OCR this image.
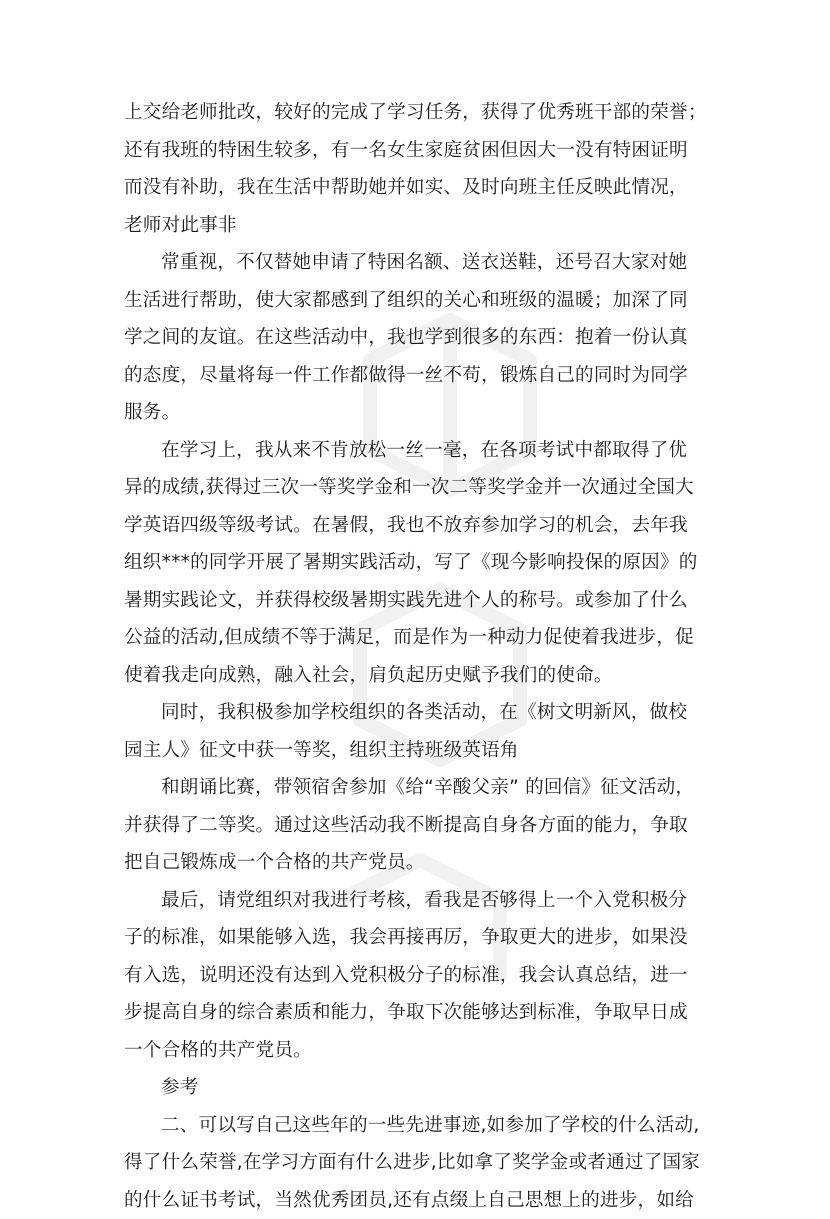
上交给老师批改，较好的完成了学习任务，获得了优秀班干部的荣誉；
还有我班的特困生较多，有一名女生家庭贫困但因大一没有特困证明
而没有补助，我在生活中帮助她并如实、及时向班主任反映此情况，
老师对此事非
常重视，不仅替她申请了特困名额、送衣送鞋，还号召大家对她
生活进行帮助，使大家都感到了组织的关心和班级的温暖；加深了同
学之间的友谊。在这些活动中，我也学到很多的东西：抱着一份认真
的态度，尽量将每一件工作都做得一丝不苟，锻炼自己的同时为同学
服务。
在学习上，我从来不肯放松一丝一毫，在各项考试中都取得了优
异的成绩,获得过三次一等奖学金和一次二等奖学金并一次通过全国大
学英语四级等级考试。在暑假，我也不放弃参加学习的机会，去年我
组织***的同学开展了暑期实践活动，写了《现今影响投保的原因》的
暑期实践论文，并获得校级暑期实践先进个人的称号。或参加了什么
公益的活动,但成绩不等于满足，而是作为一种动力促使着我进步，促
使着我走向成熟，融入社会，肩负起历史赋予我们的使命。
同时，我积极参加学校组织的各类活动，在《树文明新风，做校
园主人》征文中获一等奖，组织主持班级英语角
和朗诵比赛，带领宿舍参加《给“辛酸父亲” 的回信》征文活动，
并获得了二等奖。通过这些活动我不断提高自身各方面的能力，争取
把自己锻炼成一个合格的共产党员。
最后，请党组织对我进行考核，看我是否够得上一个入党积极分
子的标准，如果能够入选，我会再接再厉，争取更大的进步，如果没
有入选，说明还没有达到入党积极分子的标准，我会认真总结，进一
步提高自身的综合素质和能力，争取下次能够达到标准，争取早日成
一个合格的共产党员。
参考
二、可以写自己这些年的一些先进事迹,如参加了学校的什么活动,
得了什么荣誉,在学习方面有什么进步,比如拿了奖学金或者通过了国家
的什么证书考试，当然优秀团员,还有点缀上自己思想上的进步，如给
